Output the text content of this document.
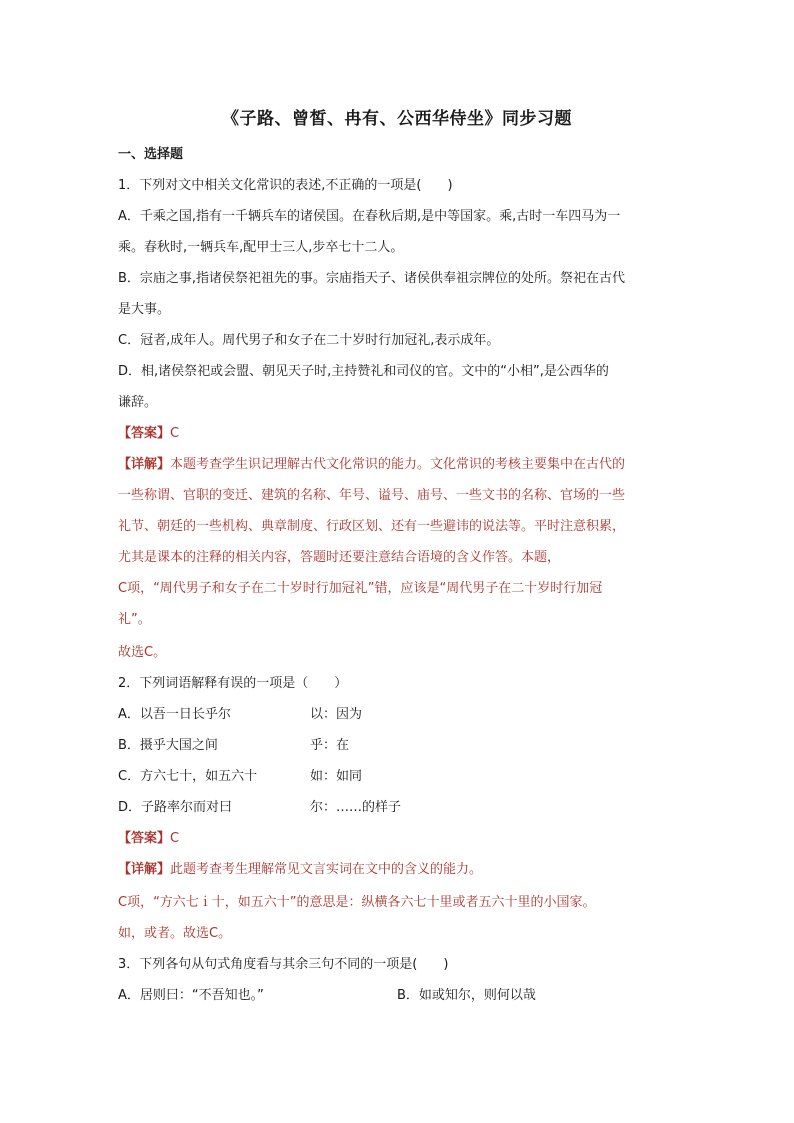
《子路、曾皙、冉有、公西华侍坐》同步习题
一、选择题
1．下列对文中相关文化常识的表述,不正确的一项是(　　)
A．千乘之国,指有一千辆兵车的诸侯国。在春秋后期,是中等国家。乘,古时一车四马为一
乘。春秋时,一辆兵车,配甲士三人,步卒七十二人。
B．宗庙之事,指诸侯祭祀祖先的事。宗庙指天子、诸侯供奉祖宗牌位的处所。祭祀在古代
是大事。
C．冠者,成年人。周代男子和女子在二十岁时行加冠礼,表示成年。
D．相,诸侯祭祀或会盟、朝见天子时,主持赞礼和司仪的官。文中的“小相”,是公西华的
谦辞。
【答案】C
【详解】本题考查学生识记理解古代文化常识的能力。文化常识的考核主要集中在古代的
一些称谓、官职的变迁、建筑的名称、年号、谥号、庙号、一些文书的名称、官场的一些
礼节、朝廷的一些机构、典章制度、行政区划、还有一些避讳的说法等。平时注意积累，
尤其是课本的注释的相关内容，答题时还要注意结合语境的含义作答。本题，
C项，“周代男子和女子在二十岁时行加冠礼”错，应该是“周代男子在二十岁时行加冠
礼”。
故选C。
2．下列词语解释有误的一项是（　　）
A．以吾一日长乎尔	以：因为
B．摄乎大国之间	乎：在
C．方六七十，如五六十	如：如同
D．子路率尔而对曰	尔：……的样子
【答案】C
【详解】此题考查考生理解常见文言实词在文中的含义的能力。
C项，“方六七ｉ十，如五六十”的意思是：纵横各六七十里或者五六十里的小国家。
如，或者。故选C。
3．下列各句从句式角度看与其余三句不同的一项是(　　)
A．居则曰：“不吾知也。”	B．如或知尔，则何以哉
